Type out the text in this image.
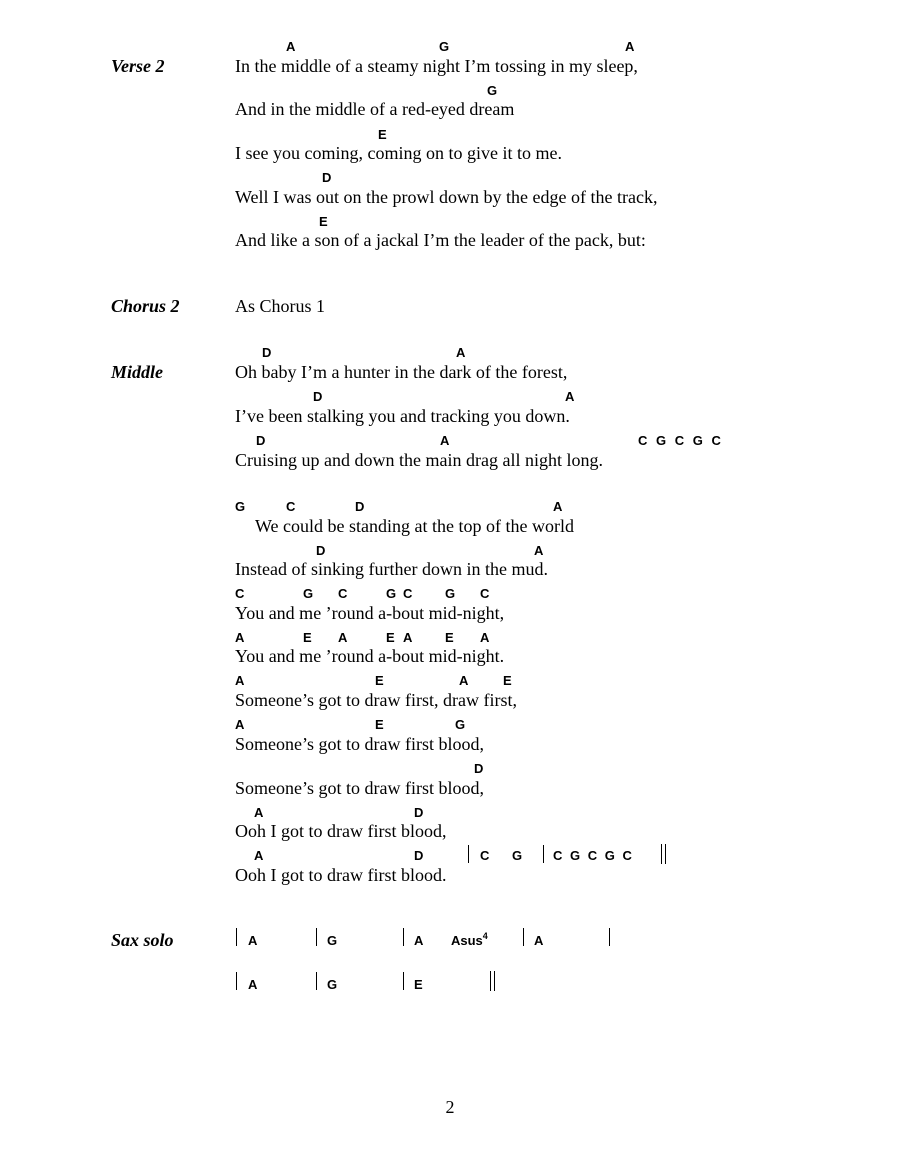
Verse 2
A	G	A
In the middle of a steamy night I’m tossing in my sleep,
G
And in the middle of a red-eyed dream
E
I see you coming, coming on to give it to me.
D
Well I was out on the prowl down by the edge of the track,
E
And like a son of a jackal I’m the leader of the pack, but:
Chorus 2	As Chorus 1
Middle
D	A
Oh baby I’m a hunter in the dark of the forest,
D	A
I’ve been stalking you and tracking you down.
D	A	C G C G C
Cruising up and down the main drag all night long.
G	C	D	A
We could be standing at the top of the world
D	A
Instead of sinking further down in the mud.
C	G C	G C	G C
You and me ’round a-bout mid-night,
A	E A	E A	E A
You and me ’round a-bout mid-night.
A	E	A	E
Someone’s got to draw first, draw first,
A	E	G
Someone’s got to draw first blood,
D
Someone’s got to draw first blood,
A	D
Ooh I got to draw first blood,
A	D	C G C G C G C
Ooh I got to draw first blood.
Sax solo	A	G	A Asus$^4$	A
A	G	E
2
